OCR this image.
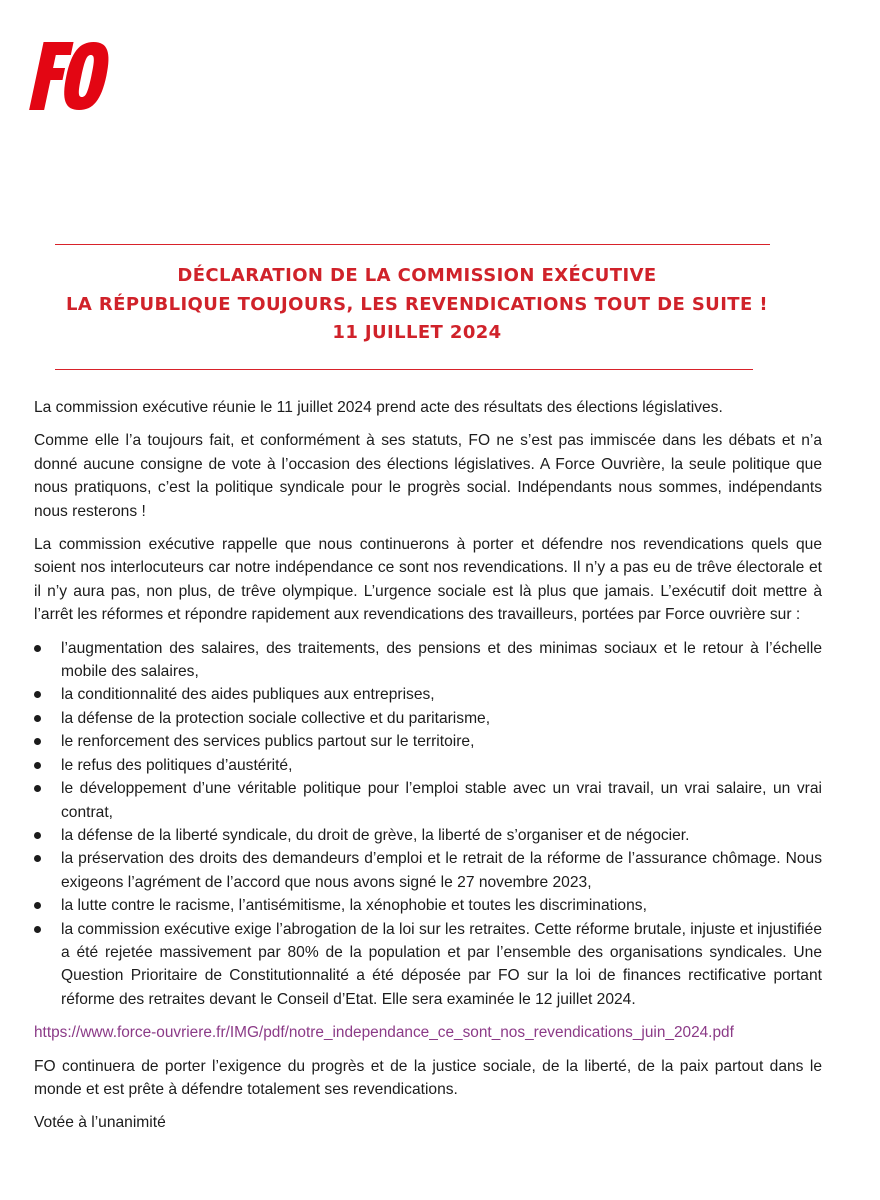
DÉCLARATION DE LA COMMISSION EXÉCUTIVE
LA RÉPUBLIQUE TOUJOURS, LES REVENDICATIONS TOUT DE SUITE !
11 JUILLET 2024

La commission exécutive réunie le 11 juillet 2024 prend acte des résultats des élections législatives.

Comme elle l’a toujours fait, et conformément à ses statuts, FO ne s’est pas immiscée dans les débats et n’a donné aucune consigne de vote à l’occasion des élections législatives. A Force Ouvrière, la seule politique que nous pratiquons, c’est la politique syndicale pour le progrès social. Indépendants nous sommes, indépendants nous resterons !

La commission exécutive rappelle que nous continuerons à porter et défendre nos revendications quels que soient nos interlocuteurs car notre indépendance ce sont nos revendications. Il n’y a pas eu de trêve électorale et il n’y aura pas, non plus, de trêve olympique. L’urgence sociale est là plus que jamais. L’exécutif doit mettre à l’arrêt les réformes et répondre rapidement aux revendications des travailleurs, portées par Force ouvrière sur :

l’augmentation des salaires, des traitements, des pensions et des minimas sociaux et le retour à l’échelle mobile des salaires,
la conditionnalité des aides publiques aux entreprises,
la défense de la protection sociale collective et du paritarisme,
le renforcement des services publics partout sur le territoire,
le refus des politiques d’austérité,
le développement d’une véritable politique pour l’emploi stable avec un vrai travail, un vrai salaire, un vrai contrat,
la défense de la liberté syndicale, du droit de grève, la liberté de s’organiser et de négocier.
la préservation des droits des demandeurs d’emploi et le retrait de la réforme de l’assurance chômage. Nous exigeons l’agrément de l’accord que nous avons signé le 27 novembre 2023,
la lutte contre le racisme, l’antisémitisme, la xénophobie et toutes les discriminations,
la commission exécutive exige l’abrogation de la loi sur les retraites. Cette réforme brutale, injuste et injustifiée a été rejetée massivement par 80% de la population et par l’ensemble des organisations syndicales. Une Question Prioritaire de Constitutionnalité a été déposée par FO sur la loi de finances rectificative portant réforme des retraites devant le Conseil d’Etat. Elle sera examinée le 12 juillet 2024.

https://www.force-ouvriere.fr/IMG/pdf/notre_independance_ce_sont_nos_revendications_juin_2024.pdf

FO continuera de porter l’exigence du progrès et de la justice sociale, de la liberté, de la paix partout dans le monde et est prête à défendre totalement ses revendications.

Votée à l’unanimité
